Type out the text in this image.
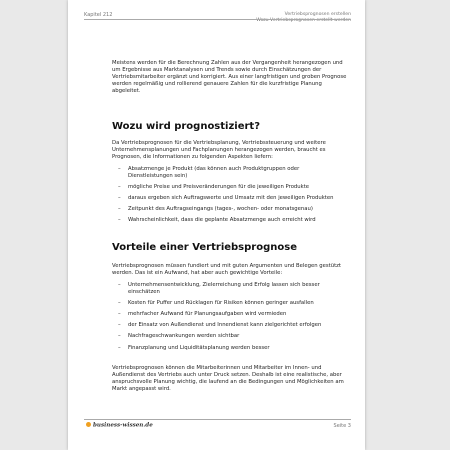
Kapitel 212	Vertriebsprognosen erstellen
Wozu Vertriebsprognosen erstellt werden
Meistens werden für die Berechnung Zahlen aus der Vergangenheit herangezogen und um Ergebnisse aus Marktanalysen und Trends sowie durch Einschätzungen der Vertriebsmitarbeiter ergänzt und korrigiert. Aus einer langfristigen und groben Prognose werden regelmäßig und rollierend genauere Zahlen für die kurzfristige Planung abgeleitet.
Wozu wird prognostiziert?
Da Vertriebsprognosen für die Vertriebsplanung, Vertriebssteuerung und weitere Unternehmensplanungen und Fachplanungen herangezogen werden, braucht es Prognosen, die Informationen zu folgenden Aspekten liefern:
– Absatzmenge je Produkt (das können auch Produktgruppen oder Dienstleistungen sein)
– mögliche Preise und Preisveränderungen für die jeweiligen Produkte
– daraus ergeben sich Auftragswerte und Umsatz mit den jeweiligen Produkten
– Zeitpunkt des Auftragseingangs (tages-, wochen- oder monatsgenau)
– Wahrscheinlichkeit, dass die geplante Absatzmenge auch erreicht wird
Vorteile einer Vertriebsprognose
Vertriebsprognosen müssen fundiert und mit guten Argumenten und Belegen gestützt werden. Das ist ein Aufwand, hat aber auch gewichtige Vorteile:
– Unternehmensentwicklung, Zielerreichung und Erfolg lassen sich besser einschätzen
– Kosten für Puffer und Rücklagen für Risiken können geringer ausfallen
– mehrfacher Aufwand für Planungsaufgaben wird vermieden
– der Einsatz von Außendienst und Innendienst kann zielgerichtet erfolgen
– Nachfrageschwankungen werden sichtbar
– Finanzplanung und Liquiditätsplanung werden besser
Vertriebsprognosen können die Mitarbeiterinnen und Mitarbeiter im Innen- und Außendienst des Vertriebs auch unter Druck setzen. Deshalb ist eine realistische, aber anspruchsvolle Planung wichtig, die laufend an die Bedingungen und Möglichkeiten am Markt angepasst wird.
business-wissen.de	Seite 3
